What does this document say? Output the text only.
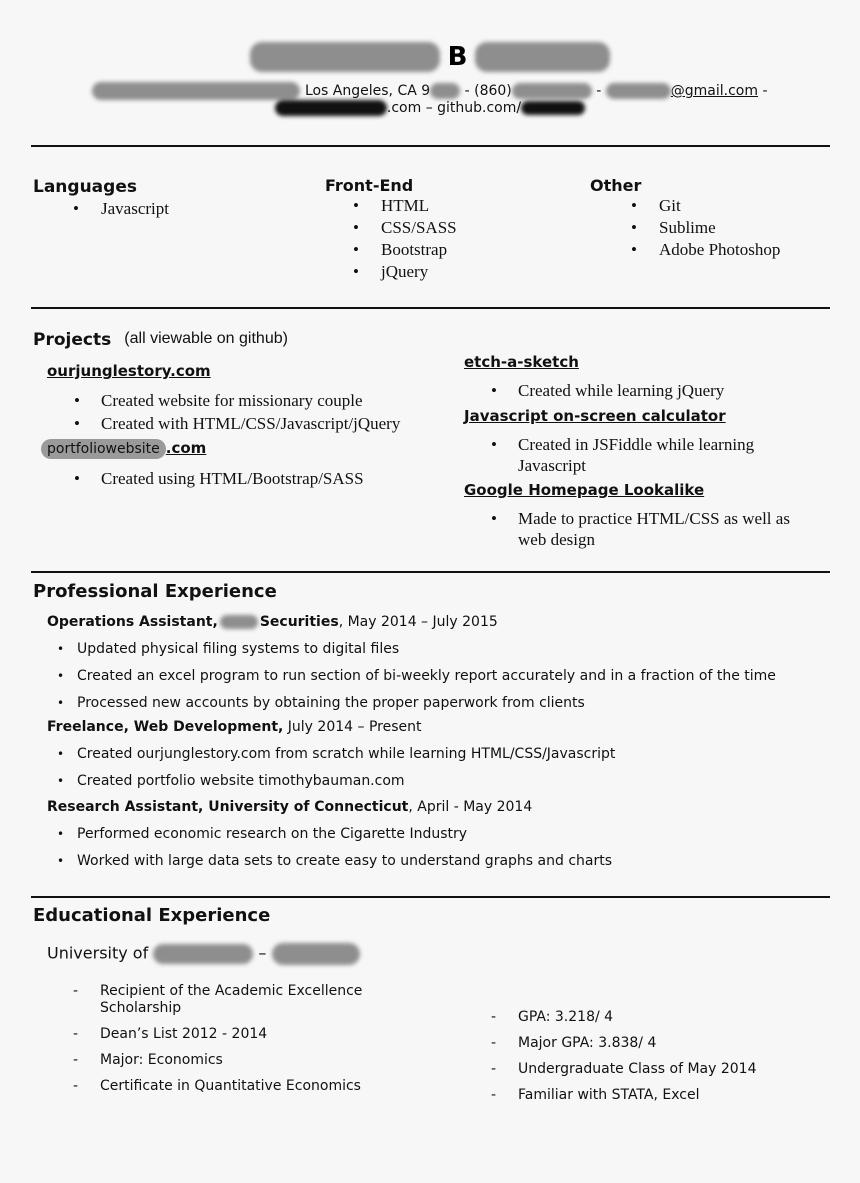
B
Los Angeles, CA 9 - (860)	-	@gmail.com -
.com – github.com/
Languages
• Javascript
Front-End
• HTML
• CSS/SASS
• Bootstrap
• jQuery
Other
• Git
• Sublime
• Adobe Photoshop
Projects (all viewable on github)
ourjunglestory.com
• Created website for missionary couple
• Created with HTML/CSS/Javascript/jQuery
portfoliowebsite .com
• Created using HTML/Bootstrap/SASS
etch-a-sketch
• Created while learning jQuery
Javascript on-screen calculator
• Created in JSFiddle while learning Javascript
Google Homepage Lookalike
• Made to practice HTML/CSS as well as web design
Professional Experience
Operations Assistant,	Securities, May 2014 – July 2015
• Updated physical filing systems to digital files
• Created an excel program to run section of bi-weekly report accurately and in a fraction of the time
• Processed new accounts by obtaining the proper paperwork from clients
Freelance, Web Development, July 2014 – Present
• Created ourjunglestory.com from scratch while learning HTML/CSS/Javascript
• Created portfolio website timothybauman.com
Research Assistant, University of Connecticut, April - May 2014
• Performed economic research on the Cigarette Industry
• Worked with large data sets to create easy to understand graphs and charts
Educational Experience
University of	–
- Recipient of the Academic Excellence Scholarship
- Dean’s List 2012 - 2014
- Major: Economics
- Certificate in Quantitative Economics
- GPA: 3.218/ 4
- Major GPA: 3.838/ 4
- Undergraduate Class of May 2014
- Familiar with STATA, Excel
